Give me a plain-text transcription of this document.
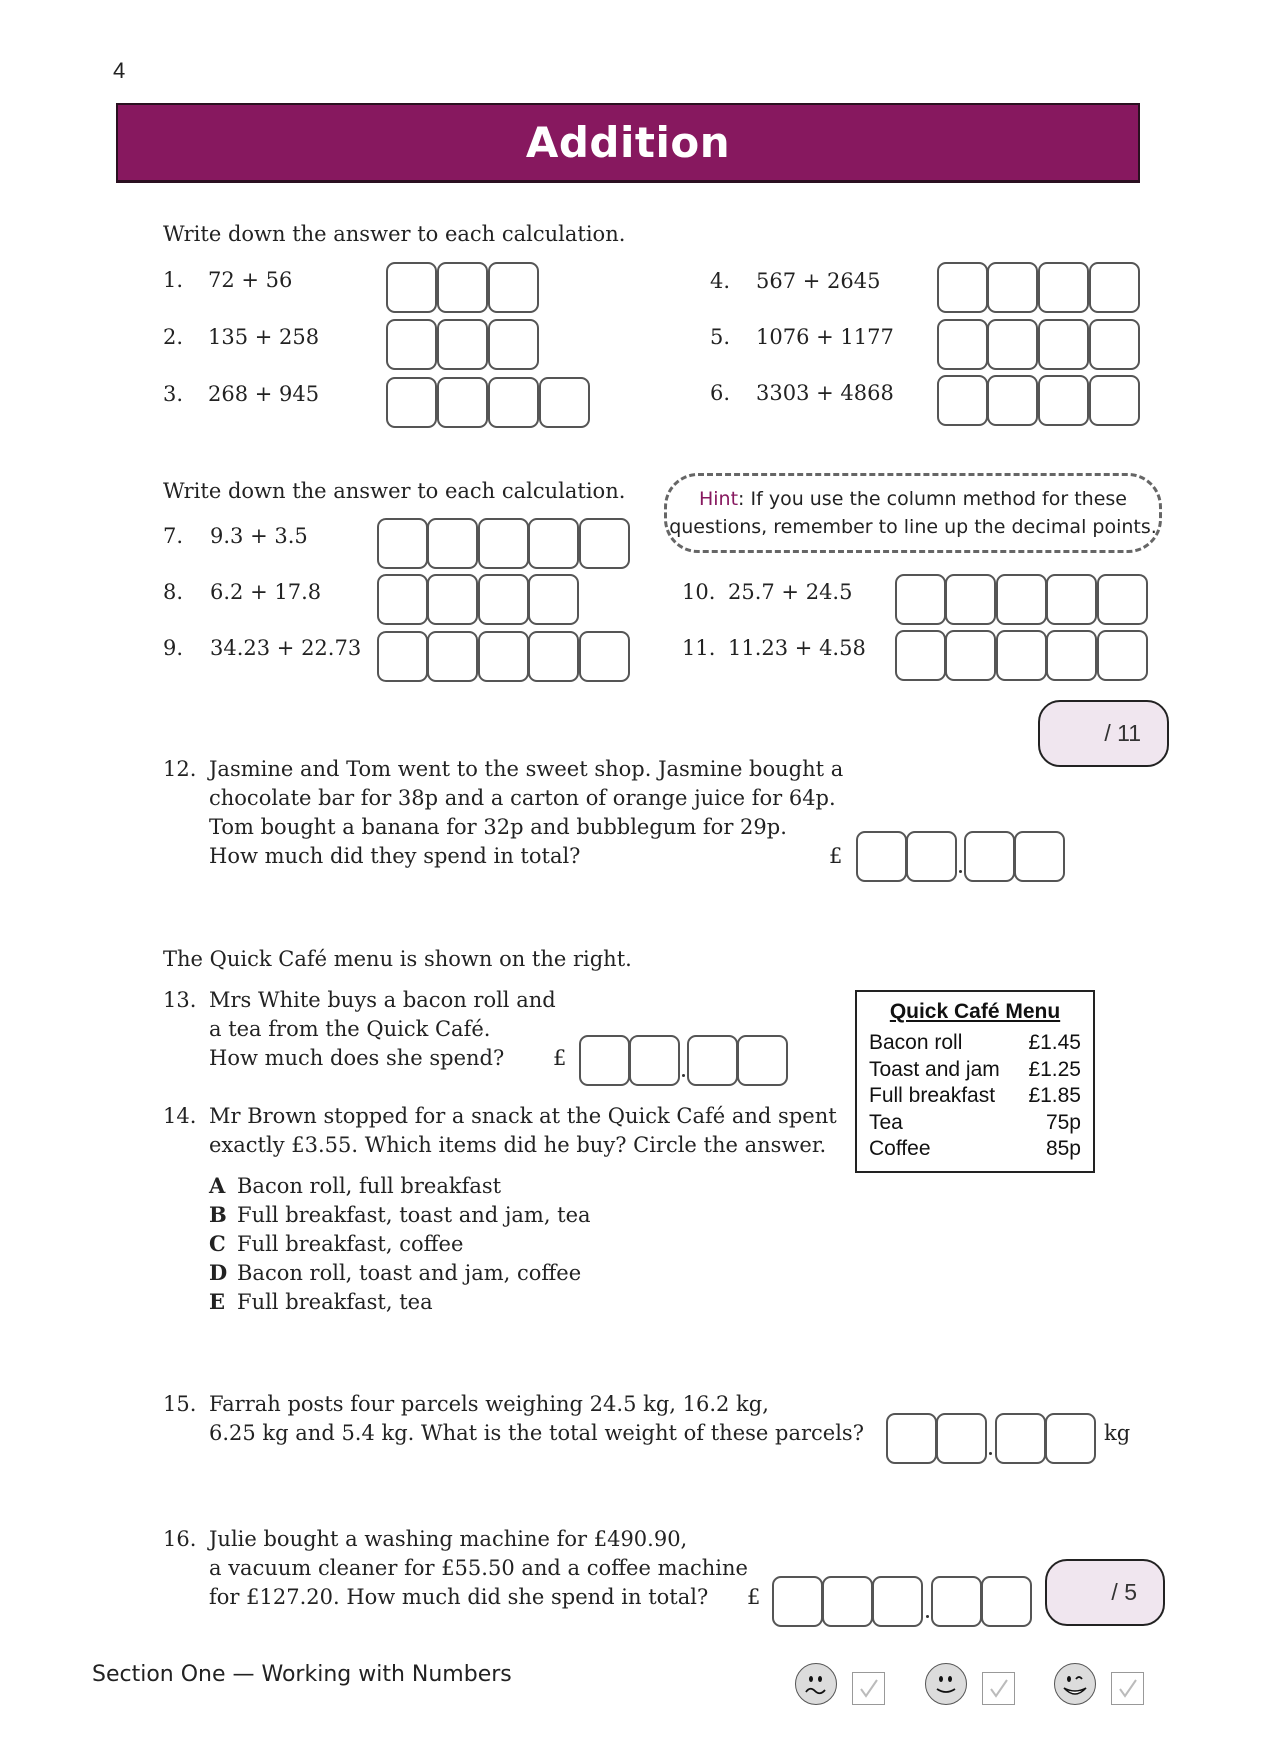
4
Addition
Write down the answer to each calculation.
1. 72 + 56
2. 135 + 258
3. 268 + 945
4. 567 + 2645
5. 1076 + 1177
6. 3303 + 4868
Write down the answer to each calculation.	Hint: If you use the column method for these
questions, remember to line up the decimal points.
7. 9.3 + 3.5
8. 6.2 + 17.8
9. 34.23 + 22.73
10. 25.7 + 24.5
11. 11.23 + 4.58
/ 11
12. Jasmine and Tom went to the sweet shop. Jasmine bought a
chocolate bar for 38p and a carton of orange juice for 64p.
Tom bought a banana for 32p and bubblegum for 29p.
How much did they spend in total?	£
The Quick Café menu is shown on the right.
Quick Café Menu
Bacon roll	£1.45
Toast and jam £1.25
Full breakfast £1.85
Tea	75p
Coffee	85p
13. Mrs White buys a bacon roll and
a tea from the Quick Café.
How much does she spend? £
14. Mr Brown stopped for a snack at the Quick Café and spent
exactly £3.55. Which items did he buy? Circle the answer.
A Bacon roll, full breakfast
B Full breakfast, toast and jam, tea
C Full breakfast, coffee
D Bacon roll, toast and jam, coffee
E Full breakfast, tea
15. Farrah posts four parcels weighing 24.5 kg, 16.2 kg,
6.25 kg and 5.4 kg. What is the total weight of these parcels?	kg
16. Julie bought a washing machine for £490.90,
a vacuum cleaner for £55.50 and a coffee machine
for £127.20. How much did she spend in total? £	/ 5
Section One — Working with Numbers
